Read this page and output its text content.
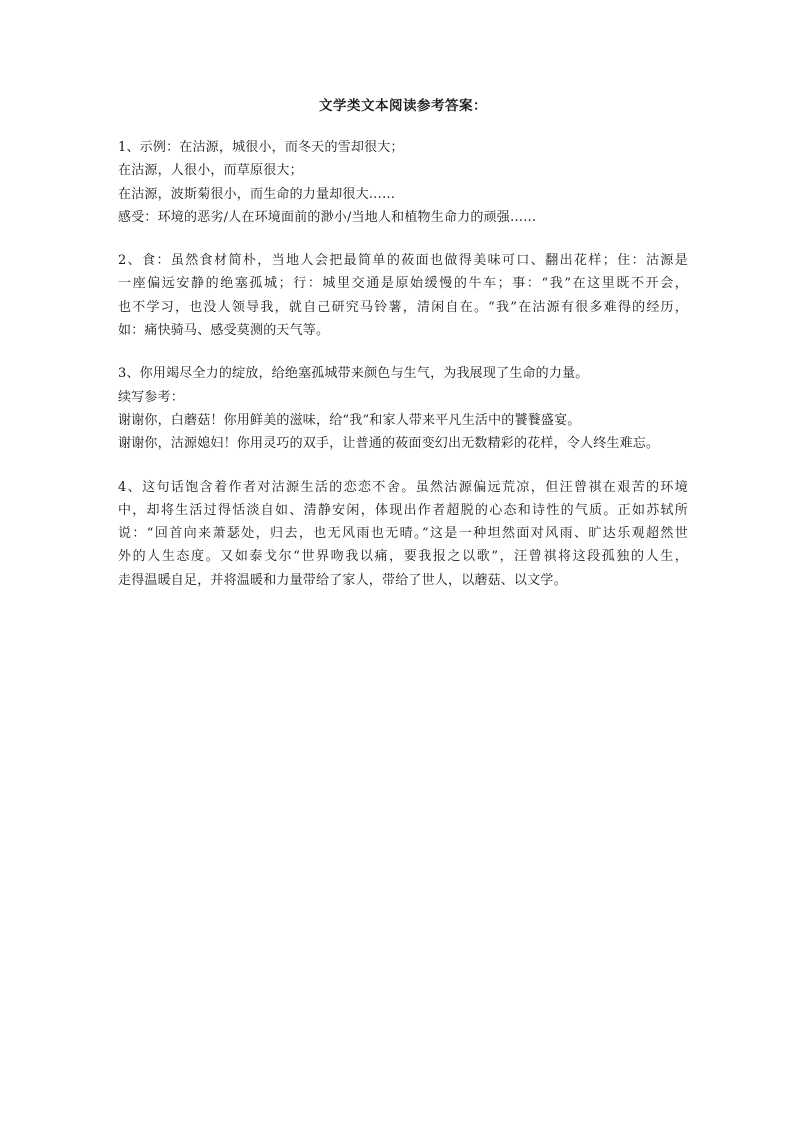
文学类文本阅读参考答案：
1、示例：在沽源，城很小，而冬天的雪却很大；
在沽源，人很小，而草原很大；
在沽源，波斯菊很小，而生命的力量却很大……
感受：环境的恶劣/人在环境面前的渺小/当地人和植物生命力的顽强……
2、食：虽然食材简朴，当地人会把最简单的莜面也做得美味可口、翻出花样；住：沽源是
一座偏远安静的绝塞孤城；行：城里交通是原始缓慢的牛车；事：“我”在这里既不开会，
也不学习，也没人领导我，就自己研究马铃薯，清闲自在。“我”在沽源有很多难得的经历，
如：痛快骑马、感受莫测的天气等。
3、你用竭尽全力的绽放，给绝塞孤城带来颜色与生气，为我展现了生命的力量。
续写参考：
谢谢你，白蘑菇！你用鲜美的滋味，给“我”和家人带来平凡生活中的饕餮盛宴。
谢谢你，沽源媳妇！你用灵巧的双手，让普通的莜面变幻出无数精彩的花样，令人终生难忘。
4、这句话饱含着作者对沽源生活的恋恋不舍。虽然沽源偏远荒凉，但汪曾祺在艰苦的环境
中，却将生活过得恬淡自如、清静安闲，体现出作者超脱的心态和诗性的气质。正如苏轼所
说：“回首向来萧瑟处，归去，也无风雨也无晴。”这是一种坦然面对风雨、旷达乐观超然世
外的人生态度。又如泰戈尔“世界吻我以痛，要我报之以歌”，汪曾祺将这段孤独的人生，
走得温暖自足，并将温暖和力量带给了家人，带给了世人，以蘑菇、以文学。
